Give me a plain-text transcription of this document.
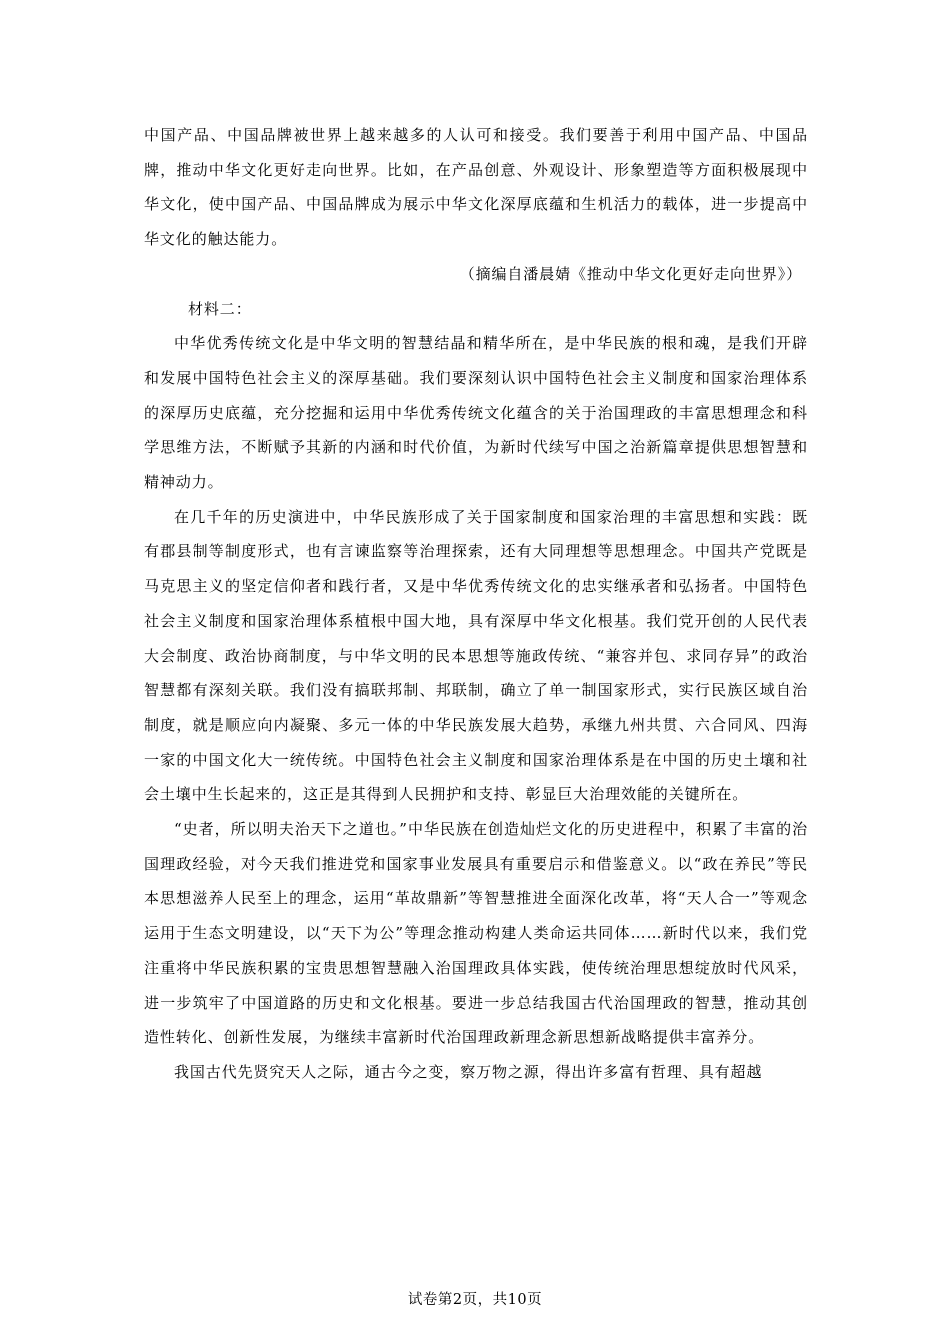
中国产品、中国品牌被世界上越来越多的人认可和接受。我们要善于利用中国产品、中国品牌，推动中华文化更好走向世界。比如，在产品创意、外观设计、形象塑造等方面积极展现中华文化，使中国产品、中国品牌成为展示中华文化深厚底蕴和生机活力的载体，进一步提高中华文化的触达能力。

（摘编自潘晨婧《推动中华文化更好走向世界》）

材料二：

中华优秀传统文化是中华文明的智慧结晶和精华所在，是中华民族的根和魂，是我们开辟和发展中国特色社会主义的深厚基础。我们要深刻认识中国特色社会主义制度和国家治理体系的深厚历史底蕴，充分挖掘和运用中华优秀传统文化蕴含的关于治国理政的丰富思想理念和科学思维方法，不断赋予其新的内涵和时代价值，为新时代续写中国之治新篇章提供思想智慧和精神动力。

在几千年的历史演进中，中华民族形成了关于国家制度和国家治理的丰富思想和实践：既有郡县制等制度形式，也有言谏监察等治理探索，还有大同理想等思想理念。中国共产党既是马克思主义的坚定信仰者和践行者，又是中华优秀传统文化的忠实继承者和弘扬者。中国特色社会主义制度和国家治理体系植根中国大地，具有深厚中华文化根基。我们党开创的人民代表大会制度、政治协商制度，与中华文明的民本思想等施政传统、“兼容并包、求同存异”的政治智慧都有深刻关联。我们没有搞联邦制、邦联制，确立了单一制国家形式，实行民族区域自治制度，就是顺应向内凝聚、多元一体的中华民族发展大趋势，承继九州共贯、六合同风、四海一家的中国文化大一统传统。中国特色社会主义制度和国家治理体系是在中国的历史土壤和社会土壤中生长起来的，这正是其得到人民拥护和支持、彰显巨大治理效能的关键所在。

“史者，所以明夫治天下之道也。”中华民族在创造灿烂文化的历史进程中，积累了丰富的治国理政经验，对今天我们推进党和国家事业发展具有重要启示和借鉴意义。以“政在养民”等民本思想滋养人民至上的理念，运用“革故鼎新”等智慧推进全面深化改革，将“天人合一”等观念运用于生态文明建设，以“天下为公”等理念推动构建人类命运共同体……新时代以来，我们党注重将中华民族积累的宝贵思想智慧融入治国理政具体实践，使传统治理思想绽放时代风采，进一步筑牢了中国道路的历史和文化根基。要进一步总结我国古代治国理政的智慧，推动其创造性转化、创新性发展，为继续丰富新时代治国理政新理念新思想新战略提供丰富养分。

我国古代先贤究天人之际，通古今之变，察万物之源，得出许多富有哲理、具有超越

试卷第2页，共10页
